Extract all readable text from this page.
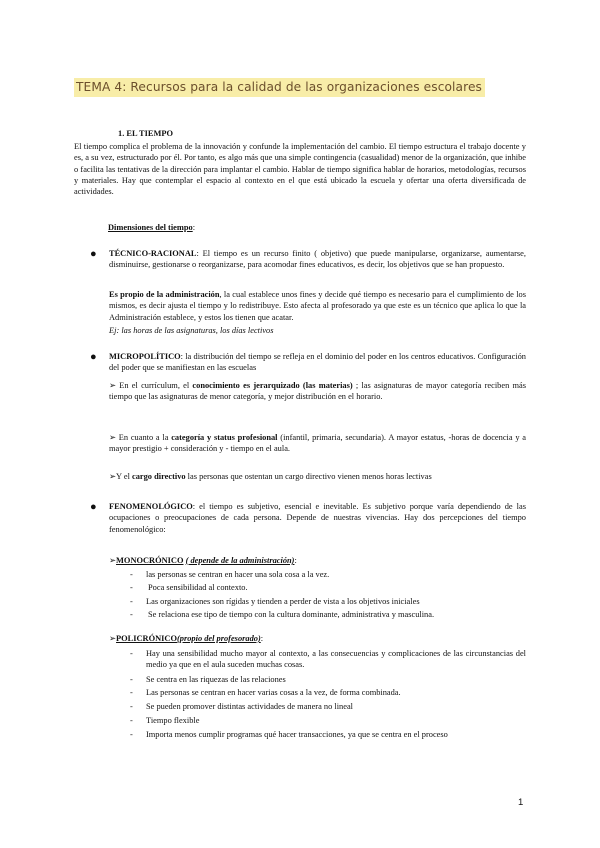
TEMA 4: Recursos para la calidad de las organizaciones escolares
1. EL TIEMPO
El tiempo complica el problema de la innovación y confunde la implementación del cambio. El tiempo estructura el trabajo docente y es, a su vez, estructurado por él. Por tanto, es algo más que una simple contingencia (casualidad) menor de la organización, que inhibe o facilita las tentativas de la dirección para implantar el cambio. Hablar de tiempo significa hablar de horarios, metodologías, recursos y materiales. Hay que contemplar el espacio al contexto en el que está ubicado la escuela y ofertar una oferta diversificada de actividades.
Dimensiones del tiempo:
● TÉCNICO-RACIONAL: El tiempo es un recurso finito ( objetivo) que puede manipularse, organizarse, aumentarse, disminuirse, gestionarse o reorganizarse, para acomodar fines educativos, es decir, los objetivos que se han propuesto.
Es propio de la administración, la cual establece unos fines y decide qué tiempo es necesario para el cumplimiento de los mismos, es decir ajusta el tiempo y lo redistribuye. Esto afecta al profesorado ya que este es un técnico que aplica lo que la Administración establece, y estos los tienen que acatar.
Ej: las horas de las asignaturas, los días lectivos
● MICROPOLÍTICO: la distribución del tiempo se refleja en el dominio del poder en los centros educativos. Configuración del poder que se manifiestan en las escuelas
➢ En el currículum, el conocimiento es jerarquizado (las materias) ; las asignaturas de mayor categoría reciben más tiempo que las asignaturas de menor categoría, y mejor distribución en el horario.
➢ En cuanto a la categoría y status profesional (infantil, primaria, secundaria). A mayor estatus, -horas de docencia y a mayor prestigio + consideración y - tiempo en el aula.
➢Y el cargo directivo las personas que ostentan un cargo directivo vienen menos horas lectivas
● FENOMENOLÓGICO: el tiempo es subjetivo, esencial e inevitable. Es subjetivo porque varía dependiendo de las ocupaciones o preocupaciones de cada persona. Depende de nuestras vivencias. Hay dos percepciones del tiempo fenomenológico:
➢MONOCRÓNICO ( depende de la administración):
- las personas se centran en hacer una sola cosa a la vez.
- Poca sensibilidad al contexto.
- Las organizaciones son rígidas y tienden a perder de vista a los objetivos iniciales
- Se relaciona ese tipo de tiempo con la cultura dominante, administrativa y masculina.
➢POLICRÓNICO(propio del profesorado):
- Hay una sensibilidad mucho mayor al contexto, a las consecuencias y complicaciones de las circunstancias del medio ya que en el aula suceden muchas cosas.
- Se centra en las riquezas de las relaciones
- Las personas se centran en hacer varias cosas a la vez, de forma combinada.
- Se pueden promover distintas actividades de manera no lineal
- Tiempo flexible
- Importa menos cumplir programas qué hacer transacciones, ya que se centra en el proceso
1
